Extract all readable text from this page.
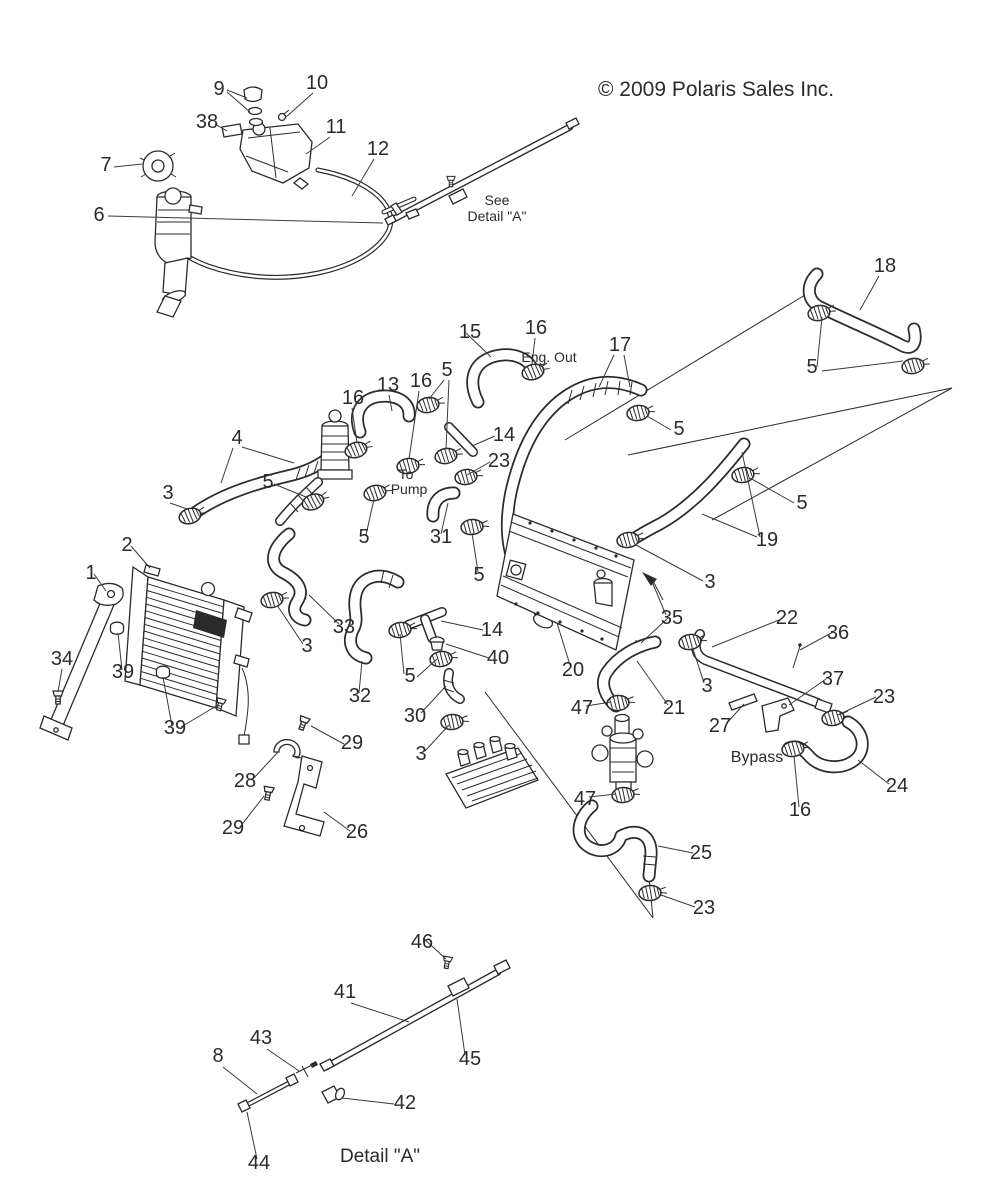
© 2009 Polaris Sales Inc.
9	10
38	11
7
12
6
See
Detail "A"
18
5
15 16
Eng. Out
17
5
13 16
16
4	14
23
5
To
Pump
3	5
5
19
2	31
5
5
1	3
35	22
36
33	14
3
34	40
20
39	5	37
3	23
32
21
47
30	27
39
29
Bypass
3
28	24
47	16
29	26
25
23
46
41
43
8	45
42
44	Detail "A"
